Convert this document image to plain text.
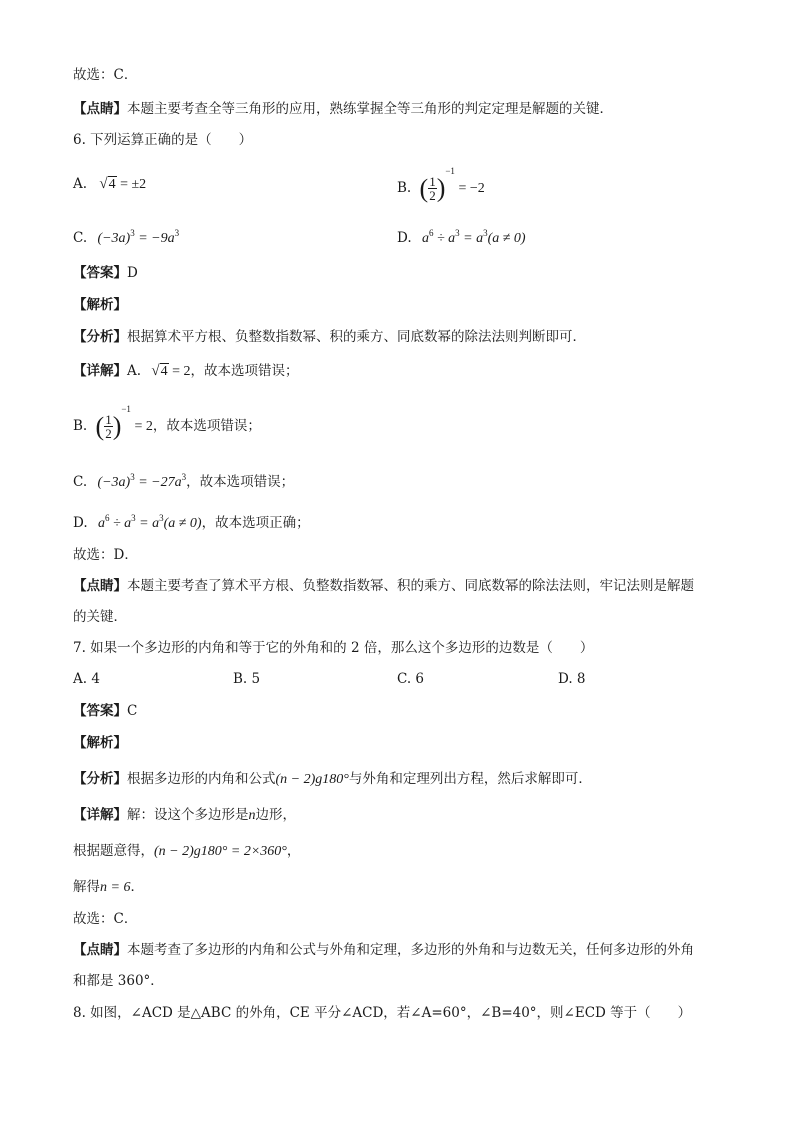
故选：C．
【点睛】本题主要考查全等三角形的应用，熟练掌握全等三角形的判定定理是解题的关键．
6. 下列运算正确的是（　　）
A. √4 = ±2	B. ( $\frac{1}{2} )^{-1} = -2$
C. $(-3a)^3 = -9a^3$	D. $a^6 \div a^3 = a^3(a \ne 0)$
【答案】D
【解析】
【分析】根据算术平方根、负整数指数幂、积的乘方、同底数幂的除法法则判断即可．
【详解】A. √4 = 2，故本选项错误；
B. ( $\frac{1}{2} )^{-1} = 2$，故本选项错误；
C. $(-3a)^3 = -27a^3$，故本选项错误；
D. $a^6 \div a^3 = a^3(a \ne 0)$，故本选项正确；
故选：D．
【点睛】本题主要考查了算术平方根、负整数指数幂、积的乘方、同底数幂的除法法则，牢记法则是解题
的关键．
7. 如果一个多边形的内角和等于它的外角和的 2 倍，那么这个多边形的边数是（　　）
A. 4	B. 5	C. 6	D. 8
【答案】C
【解析】
【分析】根据多边形的内角和公式(n − 2)g180°与外角和定理列出方程，然后求解即可．
【详解】解：设这个多边形是n边形，
根据题意得，(n − 2)g180° = 2×360°，
解得n = 6．
故选：C．
【点睛】本题考查了多边形的内角和公式与外角和定理，多边形的外角和与边数无关，任何多边形的外角
和都是 360°．
8. 如图，∠ACD 是△ABC 的外角，CE 平分∠ACD，若∠A=60°，∠B=40°，则∠ECD 等于（　　）
